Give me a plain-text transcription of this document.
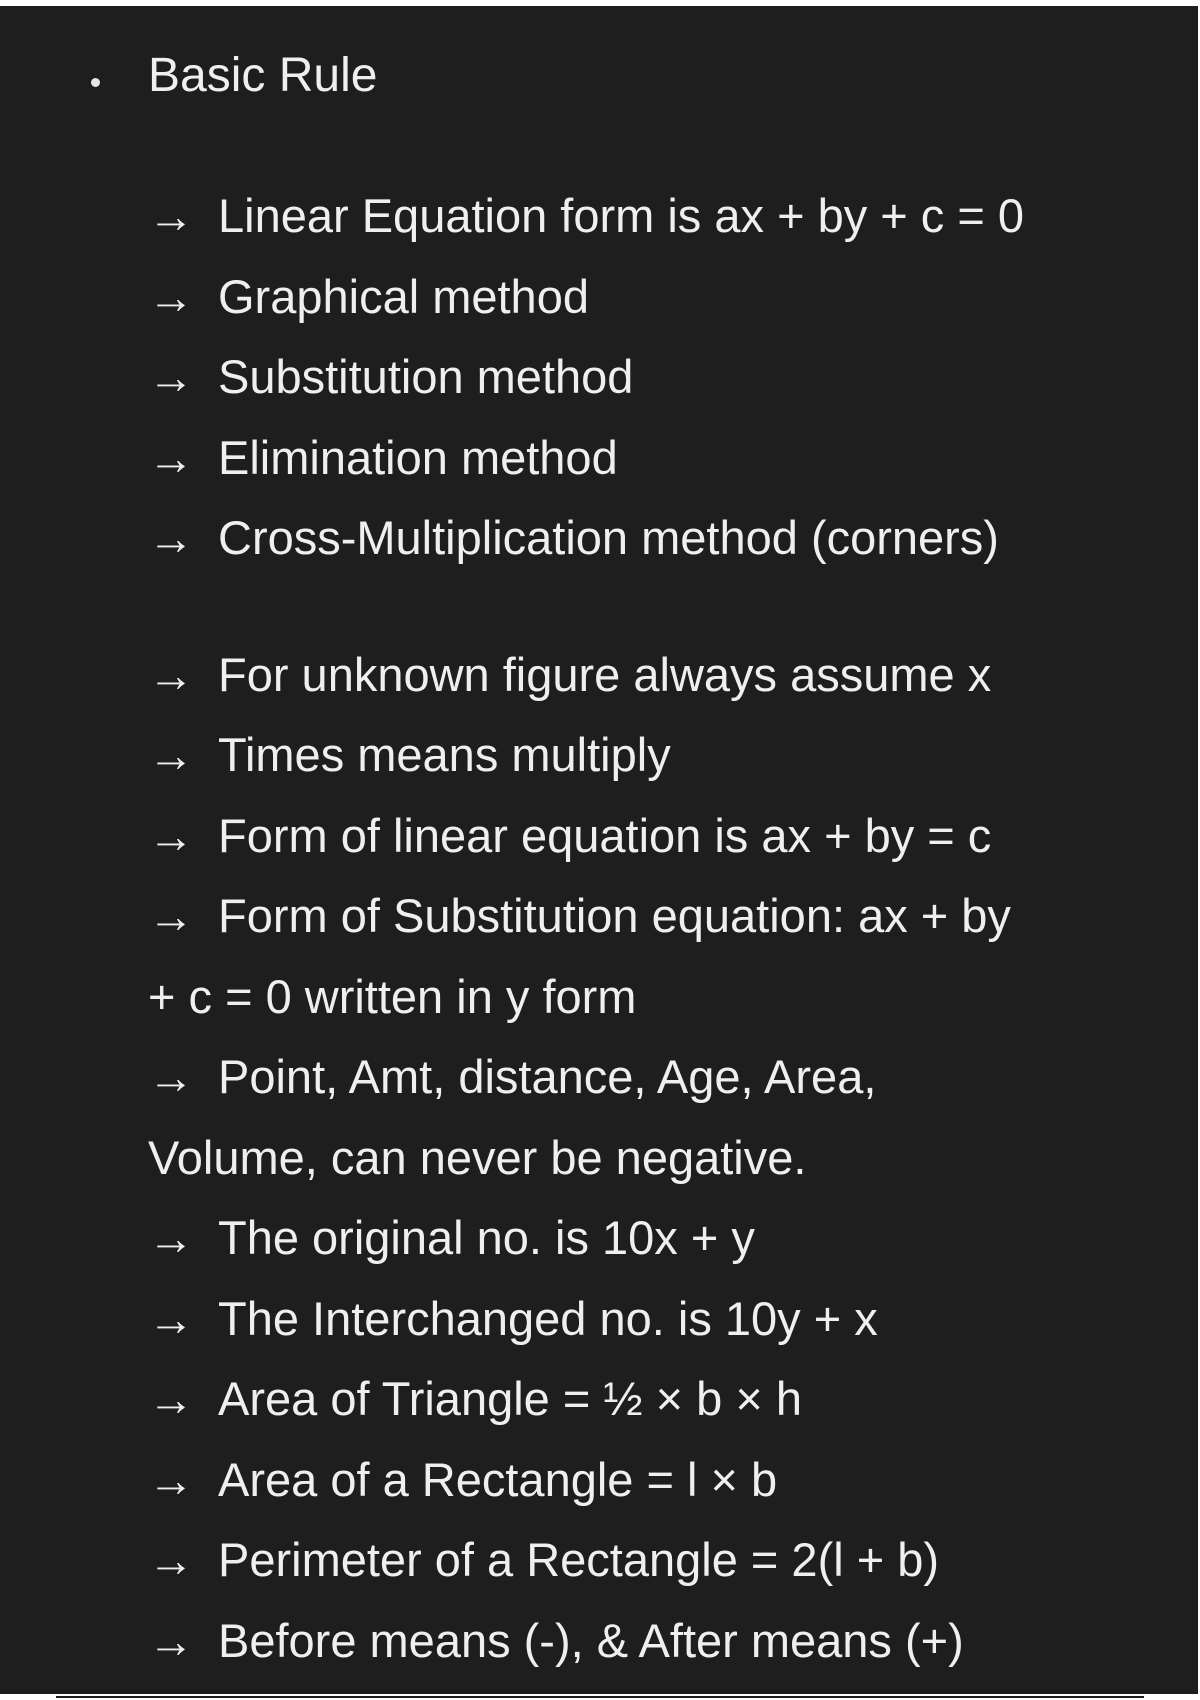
Basic Rule
→ Linear Equation form is ax + by + c = 0
→ Graphical method
→ Substitution method
→ Elimination method
→ Cross-Multiplication method (corners)
→ For unknown figure always assume x
→ Times means multiply
→ Form of linear equation is ax + by = c
→ Form of Substitution equation: ax + by
+ c = 0 written in y form
→ Point, Amt, distance, Age, Area,
Volume, can never be negative.
→ The original no. is 10x + y
→ The Interchanged no. is 10y + x
→ Area of Triangle = ½ × b × h
→ Area of a Rectangle = l × b
→ Perimeter of a Rectangle = 2(l + b)
→ Before means (-), & After means (+)
